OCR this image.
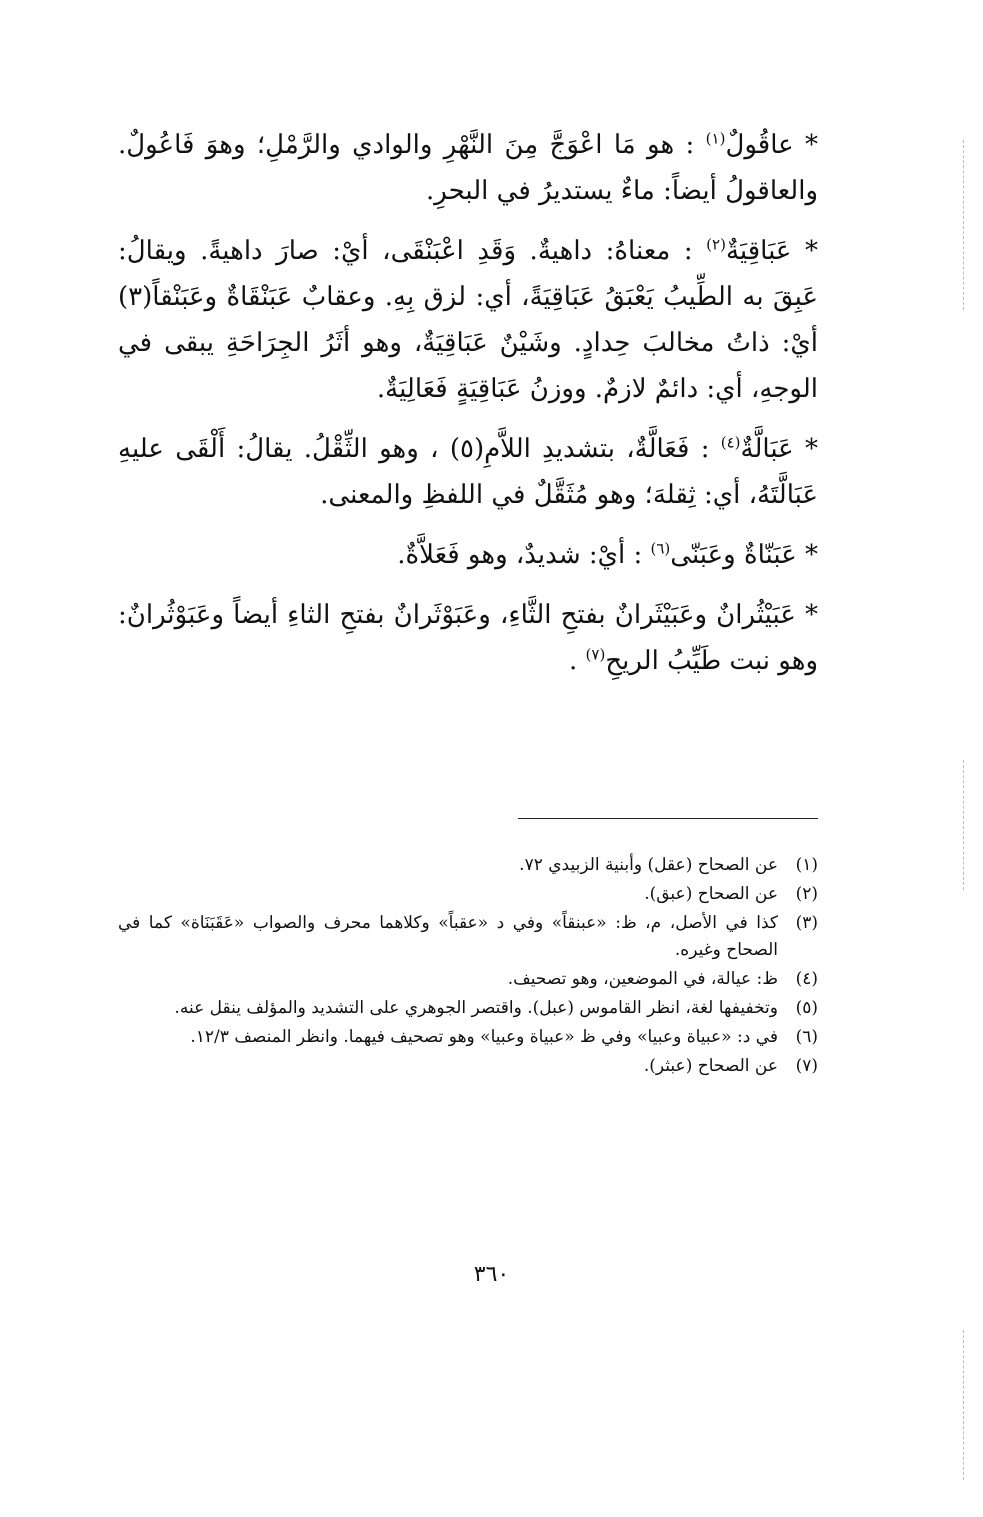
* عاقُولٌ$^{(١)}$ : هو مَا اعْوَجَّ مِنَ النَّهْرِ والوادي والرَّمْلِ؛ وهوَ فَاعُولٌ. والعاقولُ أيضاً: ماءٌ يستديرُ في البحرِ.

* عَبَاقِيَةٌ$^{(٢)}$ : معناهُ: داهيةٌ. وَقَدِ اعْبَنْقَى، أيْ: صارَ داهيةً. ويقالُ: عَبِقَ به الطِّيبُ يَعْبَقُ عَبَاقِيَةً، أي: لزق بِهِ. وعقابٌ عَبَنْقَاةٌ وعَبَنْقاً(٣) أيْ: ذاتُ مخالبَ حِدادٍ. وشَيْنٌ عَبَاقِيَةٌ، وهو أثَرُ الجِرَاحَةِ يبقى في الوجهِ، أي: دائمٌ لازمٌ. ووزنُ عَبَاقِيَةٍ فَعَالِيَةٌ.

* عَبَالَّةٌ$^{(٤)}$ : فَعَالَّةٌ، بتشديدِ اللاَّمِ(٥) ، وهو الثِّقْلُ. يقالُ: أَلْقَى عليهِ عَبَالَّتَهُ، أي: ثِقلهَ؛ وهو مُثَقَّلٌ في اللفظِ والمعنى.

* عَبَنّاةٌ وعَبَنّى$^{(٦)}$ : أيْ: شديدٌ، وهو فَعَلاَّةٌ.

* عَبَيْثُرانٌ وعَبَيْثَرانٌ بفتحِ الثَّاءِ، وعَبَوْثَرانٌ بفتحِ الثاءِ أيضاً وعَبَوْثُرانٌ: وهو نبت طَيِّبُ الريحِ$^{(٧)}$ .

(١)
عن الصحاح (عقل) وأبنية الزبيدي ٧٢.
(٢)
عن الصحاح (عبق).
(٣)
كذا في الأصل، م، ظ: «عبنقاً» وفي د «عقباً» وكلاهما محرف والصواب «عَقَبَنَاة» كما في الصحاح وغيره.
(٤)
ظ: عيالة، في الموضعين، وهو تصحيف.
(٥)
وتخفيفها لغة، انظر القاموس (عبل). واقتصر الجوهري على التشديد والمؤلف ينقل عنه.
(٦)
في د: «عبياة وعبيا» وفي ظ «عبياة وعبيا» وهو تصحيف فيهما. وانظر المنصف ١٢/٣.
(٧)
عن الصحاح (عبثر).
٣٦٠
